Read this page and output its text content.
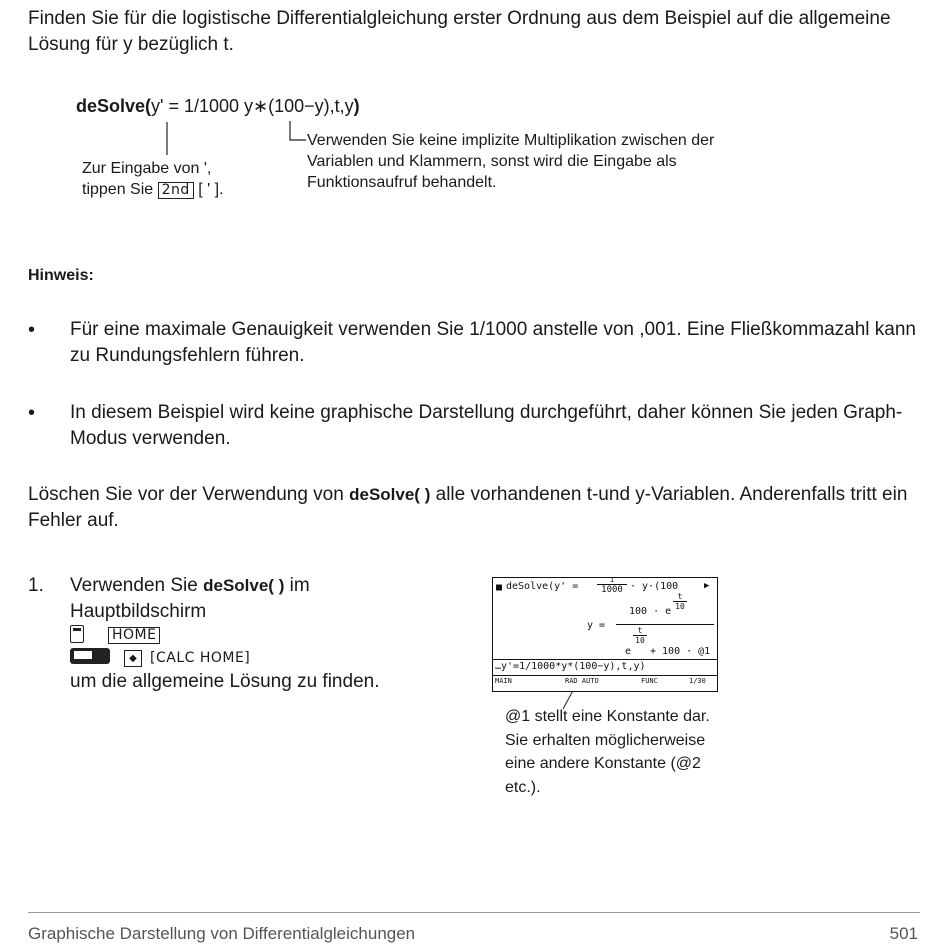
Finden Sie für die logistische Differentialgleichung erster Ordnung aus dem Beispiel auf die allgemeine Lösung für y bezüglich t.
deSolve(y' = 1/1000 y∗(100−y),t,y)
Zur Eingabe von ',
tippen Sie 2nd [ ' ].
Verwenden Sie keine implizite Multiplikation zwischen der Variablen und Klammern, sonst wird die Eingabe als Funktionsaufruf behandelt.
Hinweis:
• Für eine maximale Genauigkeit verwenden Sie 1/1000 anstelle von ,001. Eine Fließkommazahl kann zu Rundungsfehlern führen.
• In diesem Beispiel wird keine graphische Darstellung durchgeführt, daher können Sie jeden Graph-Modus verwenden.
Löschen Sie vor der Verwendung von deSolve( ) alle vorhandenen t-und y-Variablen. Anderenfalls tritt ein Fehler auf.
1. Verwenden Sie deSolve( ) im
Hauptbildschirm
HOME
◆ [CALC HOME]
um die allgemeine Lösung zu finden.
■ deSolve(y' =
1
1000 · y·(100	▶
y =
100 · e
$\frac{t}{10}$
$\frac{t}{10}$
e + 100 · @1
…y'=1/1000*y*(100−y),t,y)
MAIN	RAD AUTO	FUNC	1/30
@1 stellt eine Konstante dar. Sie erhalten möglicherweise eine andere Konstante (@2 etc.).
Graphische Darstellung von Differentialgleichungen	501
